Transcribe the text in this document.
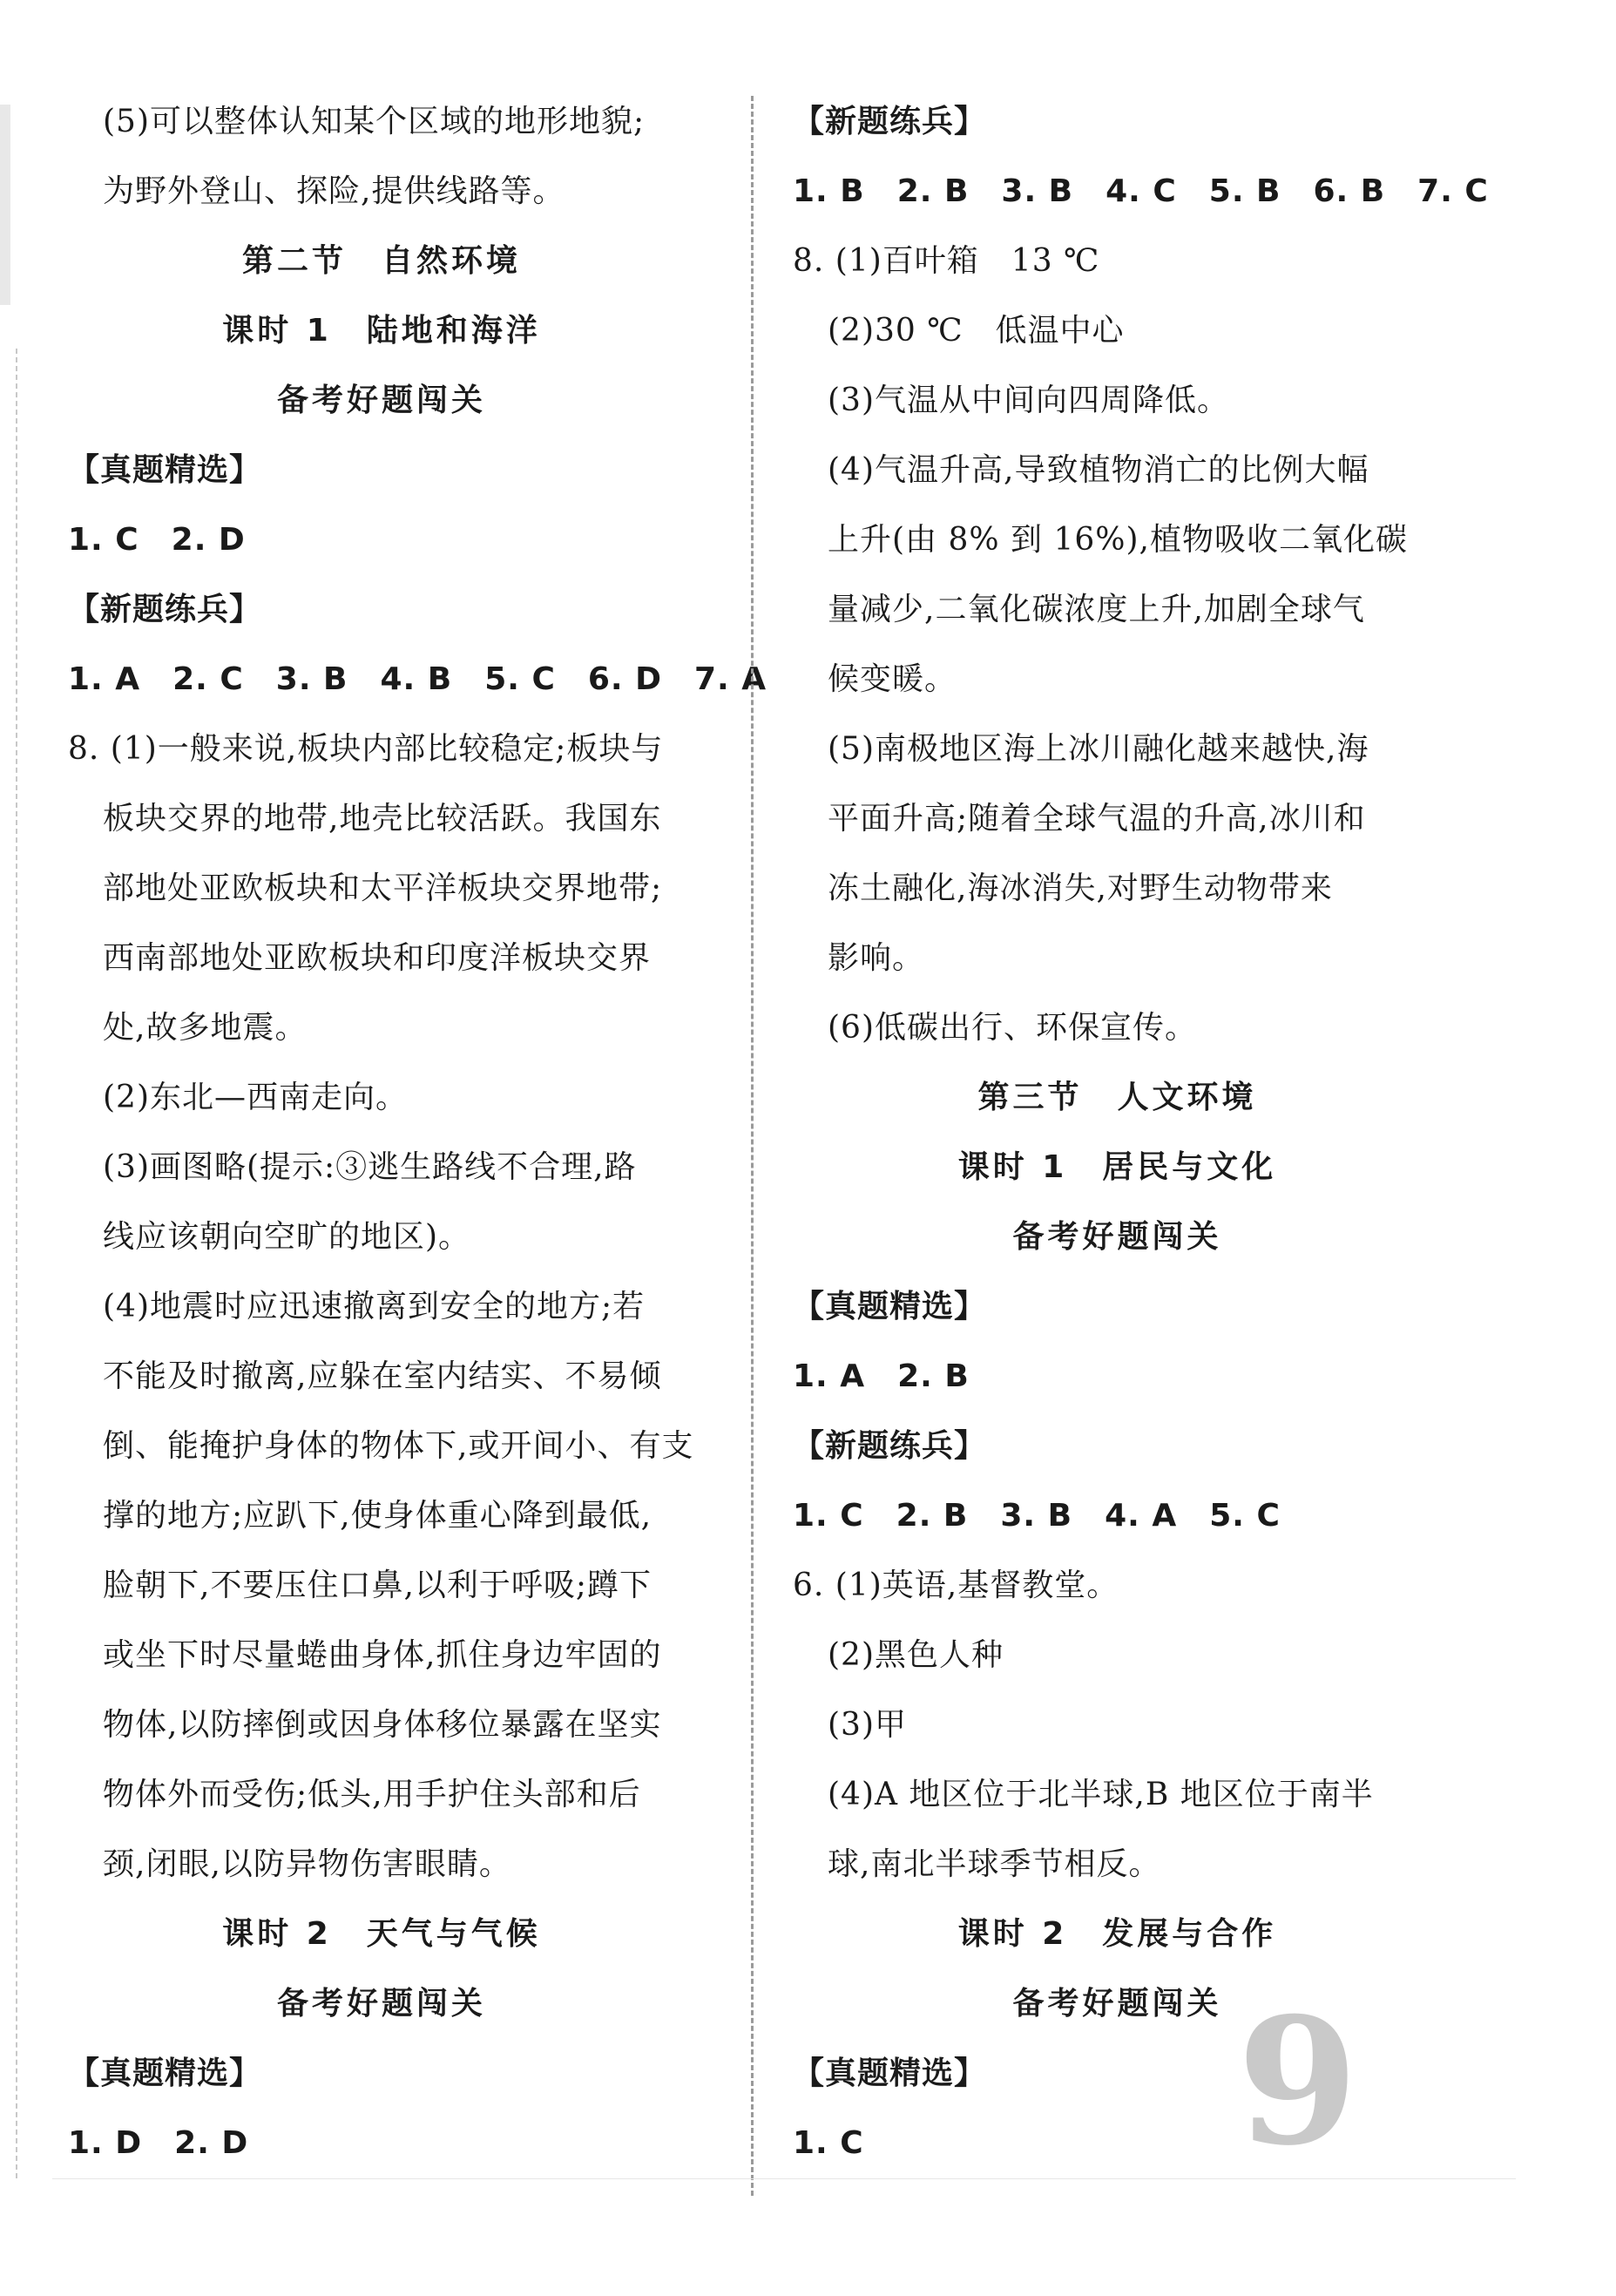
(5)可以整体认知某个区域的地形地貌;
为野外登山、探险,提供线路等。
第二节　自然环境
课时 1　陆地和海洋
备考好题闯关
【真题精选】
1. C　2. D
【新题练兵】
1. A　2. C　3. B　4. B　5. C　6. D　7. A
8. (1)一般来说,板块内部比较稳定;板块与
板块交界的地带,地壳比较活跃。我国东
部地处亚欧板块和太平洋板块交界地带;
西南部地处亚欧板块和印度洋板块交界
处,故多地震。
(2)东北—西南走向。
(3)画图略(提示:③逃生路线不合理,路
线应该朝向空旷的地区)。
(4)地震时应迅速撤离到安全的地方;若
不能及时撤离,应躲在室内结实、不易倾
倒、能掩护身体的物体下,或开间小、有支
撑的地方;应趴下,使身体重心降到最低,
脸朝下,不要压住口鼻,以利于呼吸;蹲下
或坐下时尽量蜷曲身体,抓住身边牢固的
物体,以防摔倒或因身体移位暴露在坚实
物体外而受伤;低头,用手护住头部和后
颈,闭眼,以防异物伤害眼睛。
课时 2　天气与气候
备考好题闯关
【真题精选】
1. D　2. D
【新题练兵】
1. B　2. B　3. B　4. C　5. B　6. B　7. C
8. (1)百叶箱　13 ℃
(2)30 ℃　低温中心
(3)气温从中间向四周降低。
(4)气温升高,导致植物消亡的比例大幅
上升(由 8% 到 16%),植物吸收二氧化碳
量减少,二氧化碳浓度上升,加剧全球气
候变暖。
(5)南极地区海上冰川融化越来越快,海
平面升高;随着全球气温的升高,冰川和
冻土融化,海冰消失,对野生动物带来
影响。
(6)低碳出行、环保宣传。
第三节　人文环境
课时 1　居民与文化
备考好题闯关
【真题精选】
1. A　2. B
【新题练兵】
1. C　2. B　3. B　4. A　5. C
6. (1)英语,基督教堂。
(2)黑色人种
(3)甲
(4)A 地区位于北半球,B 地区位于南半
球,南北半球季节相反。
课时 2　发展与合作
备考好题闯关
【真题精选】
1. C	9
